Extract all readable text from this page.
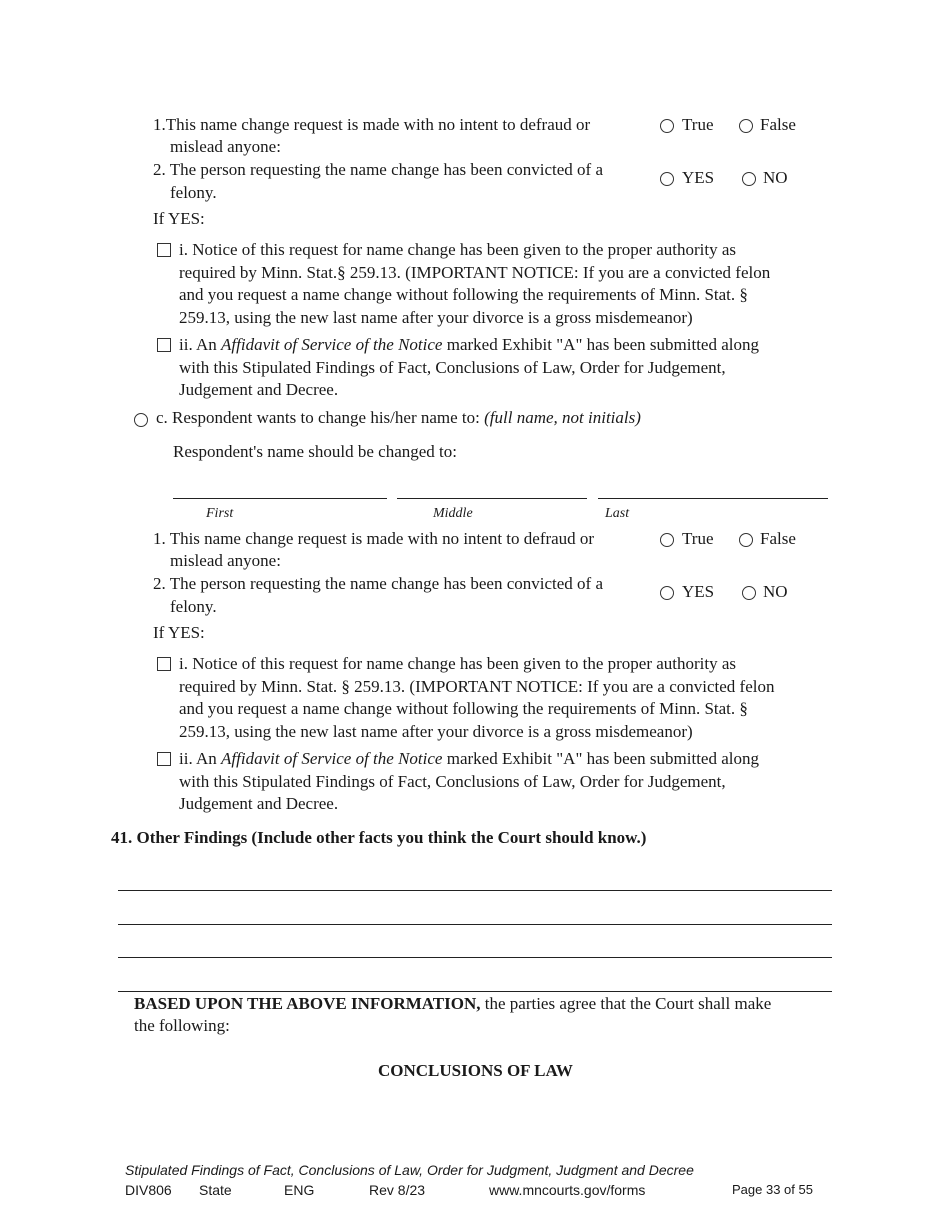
1.This name change request is made with no intent to defraud or
mislead anyone:
True	False
2. The person requesting the name change has been convicted of a
felony.
YES	NO
If YES:
i. Notice of this request for name change has been given to the proper authority as
required by Minn. Stat.§ 259.13. (IMPORTANT NOTICE: If you are a convicted felon
and you request a name change without following the requirements of Minn. Stat. §
259.13, using the new last name after your divorce is a gross misdemeanor)
ii. An Affidavit of Service of the Notice marked Exhibit "A" has been submitted along
with this Stipulated Findings of Fact, Conclusions of Law, Order for Judgement,
Judgement and Decree.
c. Respondent wants to change his/her name to: (full name, not initials)
Respondent's name should be changed to:
First	Middle	Last
1. This name change request is made with no intent to defraud or
mislead anyone:
True	False
2. The person requesting the name change has been convicted of a
felony.
YES	NO
If YES:
i. Notice of this request for name change has been given to the proper authority as
required by Minn. Stat. § 259.13. (IMPORTANT NOTICE: If you are a convicted felon
and you request a name change without following the requirements of Minn. Stat. §
259.13, using the new last name after your divorce is a gross misdemeanor)
ii. An Affidavit of Service of the Notice marked Exhibit "A" has been submitted along
with this Stipulated Findings of Fact, Conclusions of Law, Order for Judgement,
Judgement and Decree.
41. Other Findings (Include other facts you think the Court should know.)
BASED UPON THE ABOVE INFORMATION, the parties agree that the Court shall make
the following:
CONCLUSIONS OF LAW
Stipulated Findings of Fact, Conclusions of Law, Order for Judgment, Judgment and Decree
DIV806 State	ENG	Rev 8/23	www.mncourts.gov/forms	Page 33 of 55
